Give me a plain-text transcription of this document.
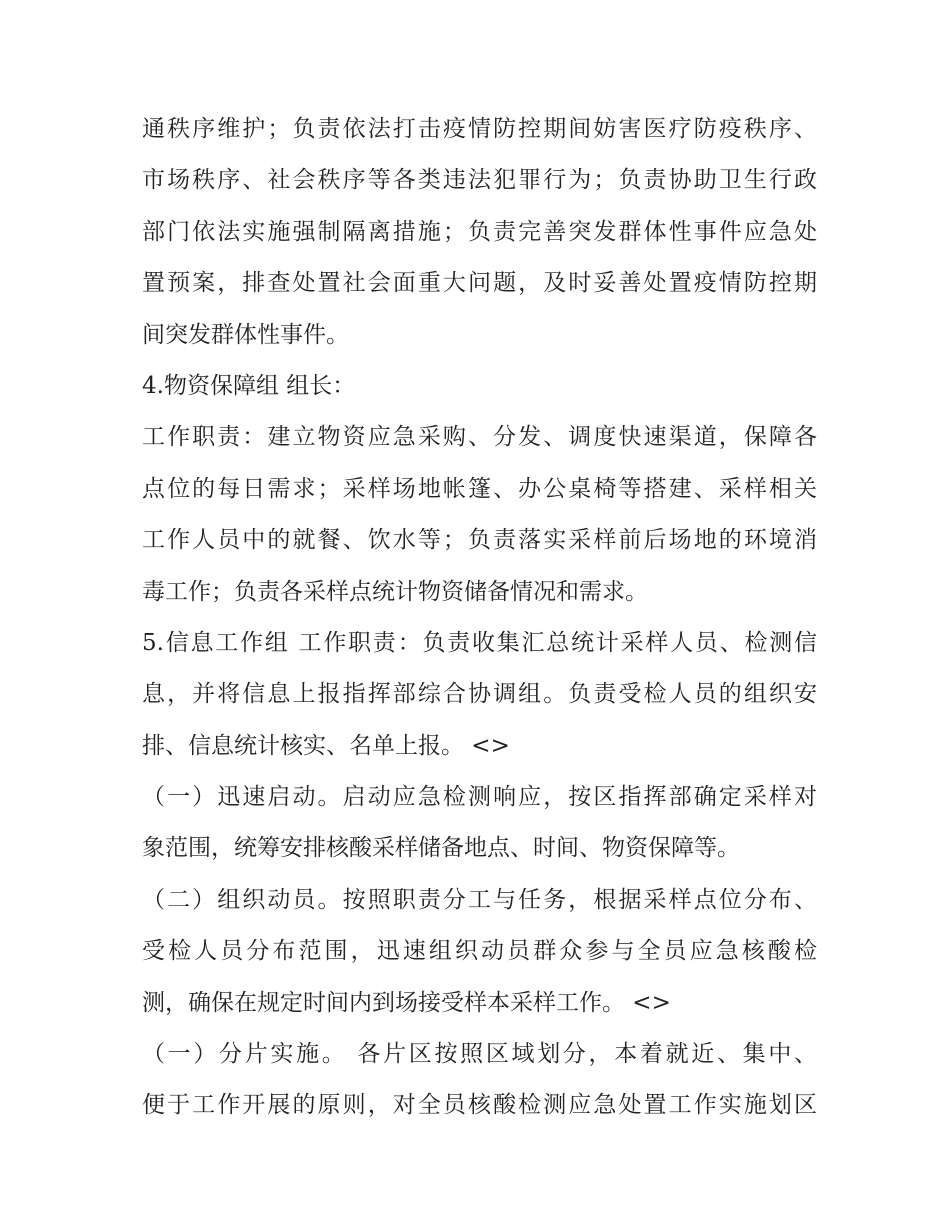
通秩序维护；负责依法打击疫情防控期间妨害医疗防疫秩序、
市场秩序、社会秩序等各类违法犯罪行为；负责协助卫生行政
部门依法实施强制隔离措施；负责完善突发群体性事件应急处
置预案，排查处置社会面重大问题，及时妥善处置疫情防控期
间突发群体性事件。
4.物资保障组 组长：
工作职责：建立物资应急采购、分发、调度快速渠道，保障各
点位的每日需求；采样场地帐篷、办公桌椅等搭建、采样相关
工作人员中的就餐、饮水等；负责落实采样前后场地的环境消
毒工作；负责各采样点统计物资储备情况和需求。
5.信息工作组 工作职责：负责收集汇总统计采样人员、检测信
息，并将信息上报指挥部综合协调组。负责受检人员的组织安
排、信息统计核实、名单上报。 <>
（一）迅速启动。启动应急检测响应，按区指挥部确定采样对
象范围，统筹安排核酸采样储备地点、时间、物资保障等。
（二）组织动员。按照职责分工与任务，根据采样点位分布、
受检人员分布范围，迅速组织动员群众参与全员应急核酸检
测，确保在规定时间内到场接受样本采样工作。 <>
（一）分片实施。 各片区按照区域划分，本着就近、集中、
便于工作开展的原则，对全员核酸检测应急处置工作实施划区
